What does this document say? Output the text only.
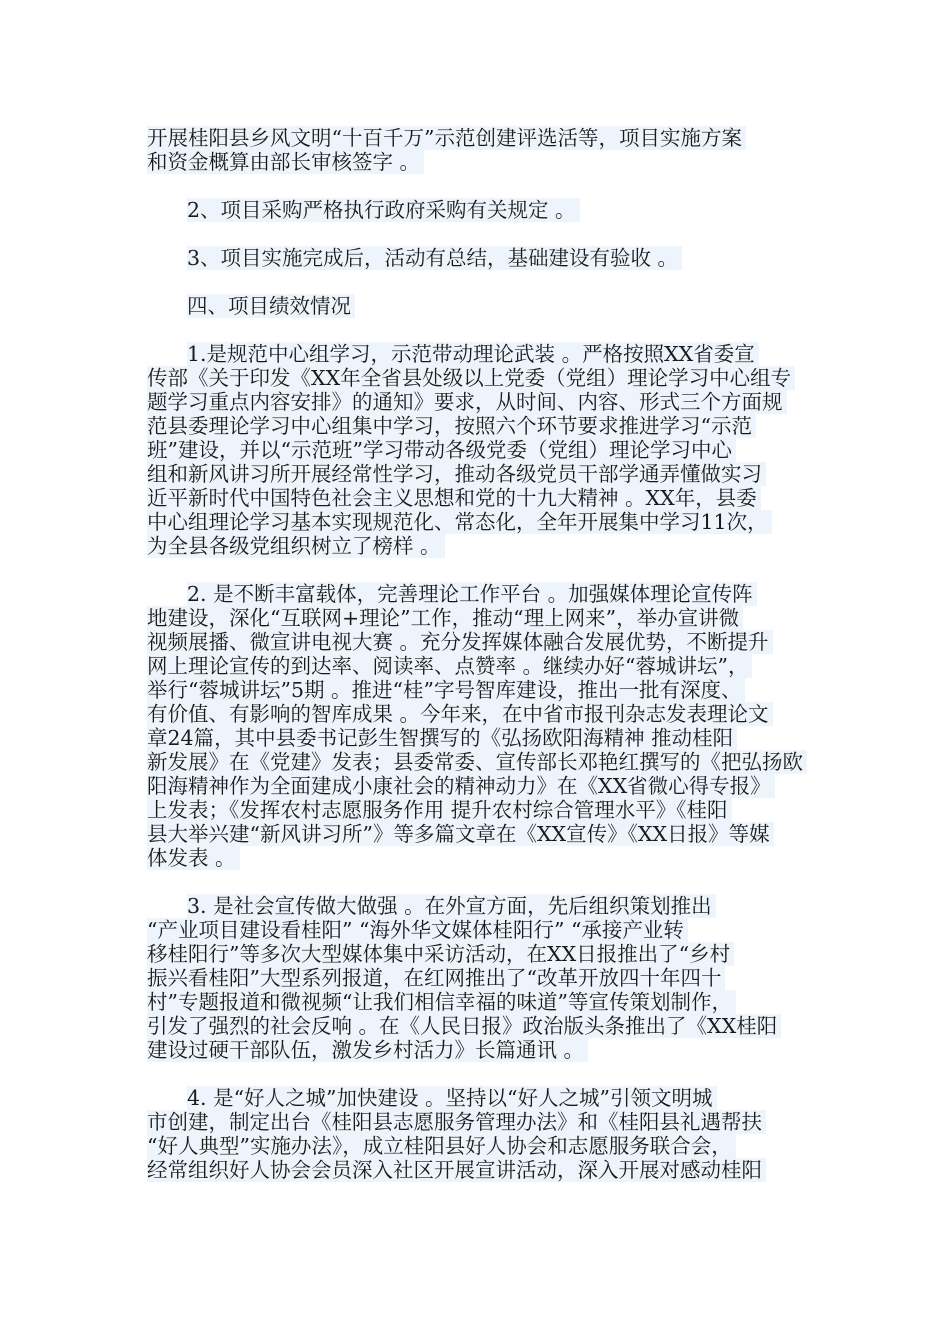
开展桂阳县乡风文明“十百千万”示范创建评选活等，项目实施方案
和资金概算由部长审核签字 。
2、项目采购严格执行政府采购有关规定 。
3、项目实施完成后，活动有总结，基础建设有验收 。
四、项目绩效情况
1.是规范中心组学习，示范带动理论武装 。严格按照XX省委宣
传部《关于印发《XX年全省县处级以上党委（党组）理论学习中心组专
题学习重点内容安排》的通知》要求，从时间、内容、形式三个方面规
范县委理论学习中心组集中学习，按照六个环节要求推进学习“示范
班”建设，并以“示范班”学习带动各级党委（党组）理论学习中心
组和新风讲习所开展经常性学习，推动各级党员干部学通弄懂做实习
近平新时代中国特色社会主义思想和党的十九大精神 。XX年，县委
中心组理论学习基本实现规范化、常态化，全年开展集中学习11次，
为全县各级党组织树立了榜样 。
2. 是不断丰富载体，完善理论工作平台 。加强媒体理论宣传阵
地建设，深化“互联网+理论”工作，推动“理上网来”，举办宣讲微
视频展播、微宣讲电视大赛 。充分发挥媒体融合发展优势，不断提升
网上理论宣传的到达率、阅读率、点赞率 。继续办好“蓉城讲坛”，
举行“蓉城讲坛”5期 。推进“桂”字号智库建设，推出一批有深度、
有价值、有影响的智库成果 。今年来，在中省市报刊杂志发表理论文
章24篇，其中县委书记彭生智撰写的《弘扬欧阳海精神 推动桂阳
新发展》在《党建》发表；县委常委、宣传部长邓艳红撰写的《把弘扬欧
阳海精神作为全面建成小康社会的精神动力》在《XX省微心得专报》
上发表；《发挥农村志愿服务作用 提升农村综合管理水平》《桂阳
县大举兴建“新风讲习所”》等多篇文章在《XX宣传》《XX日报》等媒
体发表 。
3. 是社会宣传做大做强 。在外宣方面，先后组织策划推出
“产业项目建设看桂阳” “海外华文媒体桂阳行” “承接产业转
移桂阳行”等多次大型媒体集中采访活动，在XX日报推出了“乡村
振兴看桂阳”大型系列报道，在红网推出了“改革开放四十年四十
村”专题报道和微视频“让我们相信幸福的味道”等宣传策划制作，
引发了强烈的社会反响 。在《人民日报》政治版头条推出了《XX桂阳
建设过硬干部队伍，激发乡村活力》长篇通讯 。
4. 是“好人之城”加快建设 。坚持以“好人之城”引领文明城
市创建，制定出台《桂阳县志愿服务管理办法》和《桂阳县礼遇帮扶
“好人典型”实施办法》，成立桂阳县好人协会和志愿服务联合会，
经常组织好人协会会员深入社区开展宣讲活动，深入开展对感动桂阳
